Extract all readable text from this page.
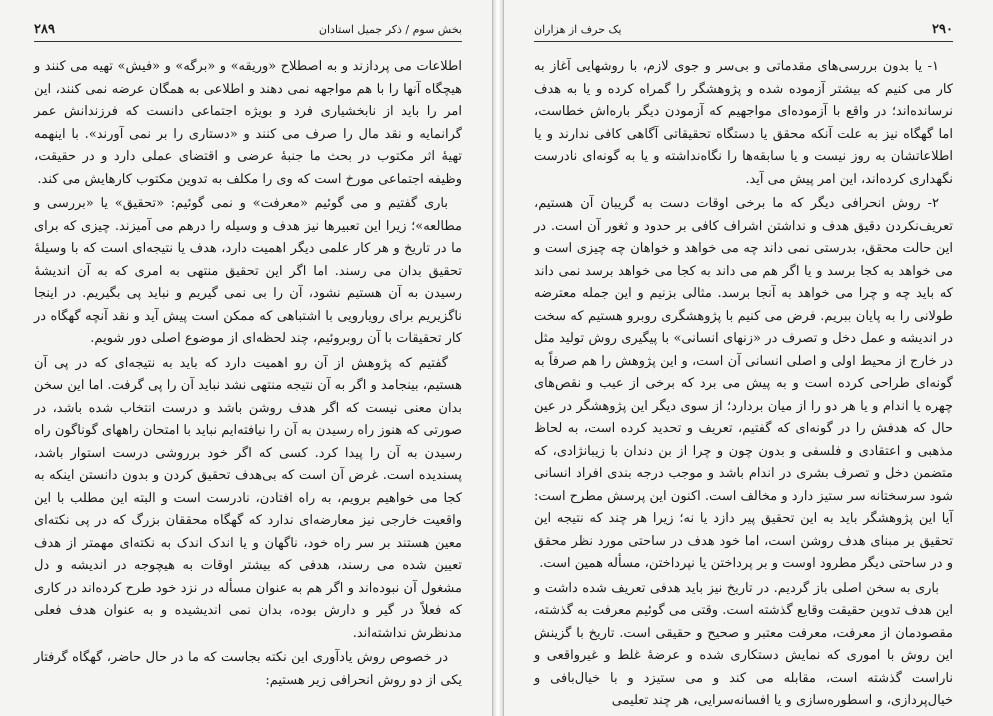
بخش سوم / ذکر جمیل استادان
۲۸۹

اطلاعات می پردازند و به اصطلاح «وریقه» و «برگه» و «فیش» تهیه می کنند و هیچگاه آنها را با هم مواجهه نمی دهند و اطلاعی به همگان عرضه نمی کنند، این امر را باید از نابخشیاری فرد و بویژه اجتماعی دانست که فرزندانش عمر گرانمایه و نقد مال را صرف می کنند و «دستاری را بر نمی آورند». با اینهمه تهیهٔ اثر مکتوب در بحث ما جنبهٔ عرضی و اقتضای عملی دارد و در حقیقت، وظیفه اجتماعی مورخ است که وی را مکلف به تدوین مکتوب کارهایش می کند.

باری گفتیم و می گوئیم «معرفت» و نمی گوئیم: «تحقیق» یا «بررسی و مطالعه»؛ زیرا این تعبیرها نیز هدف و وسیله را درهم می آمیزند. چیزی که برای ما در تاریخ و هر کار علمی دیگر اهمیت دارد، هدف یا نتیجه‌ای است که با وسیلهٔ تحقیق بدان می رسند. اما اگر این تحقیق منتهی به امری که به آن اندیشهٔ رسیدن به آن هستیم نشود، آن را بی نمی گیریم و نباید پی بگیریم. در اینجا ناگزیریم برای رویارویی با اشتباهی که ممکن است پیش آید و نقد آنچه گهگاه در کار تحقیقات با آن روبروئیم، چند لحظه‌ای از موضوع اصلی دور شویم.

گفتیم که پژوهش از آن رو اهمیت دارد که باید به نتیجه‌ای که در پی آن هستیم، بینجامد و اگر به آن نتیجه منتهی نشد نباید آن را پی گرفت. اما این سخن بدان معنی نیست که اگر هدف روشن باشد و درست انتخاب شده باشد، در صورتی که هنوز راه رسیدن به آن را نیافته‌ایم نباید با امتحان راههای گوناگون راه رسیدن به آن را پیدا کرد. کسی که اگر خود برروشی درست استوار باشد، پسندیده است. غرض آن است که بی‌هدف تحقیق کردن و بدون دانستن اینکه به کجا می خواهیم برویم، به راه افتادن، نادرست است و البته این مطلب با این واقعیت خارجی نیز معارضه‌ای ندارد که گهگاه محققان بزرگ که در پی نکته‌ای معین هستند بر سر راه خود، ناگهان و یا اندک اندک به نکته‌ای مهمتر از هدف تعیین شده می رسند، هدفی که بیشتر اوقات به هیچوجه در اندیشه و دل مشغول آن نبوده‌اند و اگر هم به عنوان مسأله در نزد خود طرح کرده‌اند در کاری که فعلاً در گیر و دارش بوده، بدان نمی اندیشیده و به عنوان هدف فعلی مدنظرش نداشته‌اند.

در خصوص روش یادآوری این نکته بجاست که ما در حال حاضر، گهگاه گرفتار یکی از دو روش انحرافی زیر هستیم:

۲۹۰
یک حرف از هزاران

۱- یا بدون بررسی‌های مقدماتی و بی‌سر و جوی لازم، با روشهایی آغاز به کار می کنیم که بیشتر آزموده شده و پژوهشگر را گمراه کرده و یا به هدف نرسانده‌اند؛ در واقع با آزموده‌ای مواجهیم که آزمودن دیگر بار‌ه‌اش خطاست، اما گهگاه نیز به علت آنکه محقق یا دستگاه تحقیقاتی آگاهی کافی ندارند و یا اطلاعاتشان به روز نیست و یا سابقه‌ها را نگاه‌نداشته و یا به گونه‌ای نادرست نگهداری کرده‌اند، این امر پیش می آید.

۲- روش انحرافی دیگر که ما برخی اوقات دست به گریبان آن هستیم، تعریف‌نکردن دقیق هدف و نداشتن اشراف کافی بر حدود و ثغور آن است. در این حالت محقق، بدرستی نمی داند چه می خواهد و خواهان چه چیزی است و می خواهد به کجا برسد و یا اگر هم می داند به کجا می خواهد برسد نمی داند که باید چه و چرا می خواهد به آنجا برسد. مثالی بزنیم و این جمله معترضه طولانی را به پایان ببریم. فرض می کنیم با پژوهشگری روبرو هستیم که سخت در اندیشه و عمل دخل و تصرف در «زنهای انسانی» با پیگیری روش تولید مثل در خارج از محیط اولی و اصلی انسانی آن است، و این پژوهش را هم صرفاً به گونه‌ای طراحی کرده است و به پیش می برد که برخی از عیب و نقص‌های چهره یا اندام و یا هر دو را از میان بردارد؛ از سوی دیگر این پژوهشگر در عین حال که هدفش را در گونه‌ای که گفتیم، تعریف و تحدید کرده است، به لحاظ مذهبی و اعتقادی و فلسفی و بدون چون و چرا از بن دندان با زیبانژادی، که متضمن دخل و تصرف بشری در اندام باشد و موجب درجه بندی افراد انسانی شود سرسختانه سر ستیز دارد و مخالف است. اکنون این پرسش مطرح است: آیا این پژوهشگر باید به این تحقیق پیر دازد یا نه؛ زیرا هر چند که نتیجه این تحقیق بر مبنای هدف روشن است، اما خود هدف در ساحتی مورد نظر محقق و در ساحتی دیگر مطرود اوست و بر پرداختن یا نپرداختن، مسأله همین است.

باری به سخن اصلی باز گردیم. در تاریخ نیز باید هدفی تعریف شده داشت و این هدف تدوین حقیقت وقایع گذشته است. وقتی می گوئیم معرفت به گذشته، مقصودمان از معرفت، معرفت معتبر و صحیح و حقیقی است. تاریخ با گزینش این روش با اموری که نمایش دستکاری شده و عرضهٔ غلط و غیرواقعی و ناراست گذشته است، مقابله می کند و می ستیزد و با خیال‌بافی و خیال‌پردازی، و اسطوره‌سازی و یا افسانه‌سرایی، هر چند تعلیمی
